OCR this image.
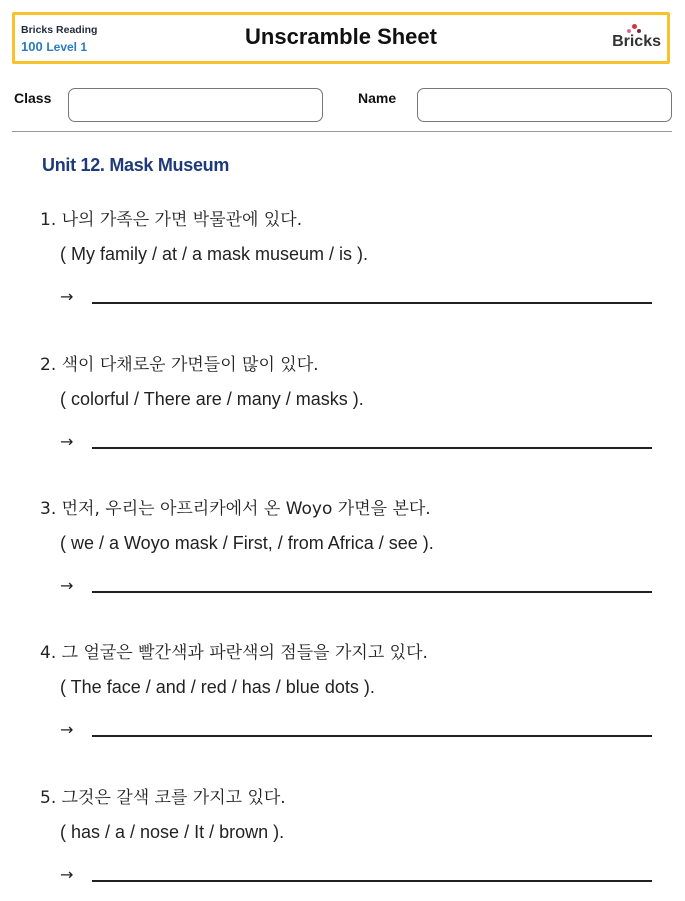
Bricks Reading
100 Level 1	Unscramble Sheet	Bricks
Class	Name
Unit 12. Mask Museum
1. 나의 가족은 가면 박물관에 있다.
( My family / at / a mask museum / is ).
→
2. 색이 다채로운 가면들이 많이 있다.
( colorful / There are / many / masks ).
→
3. 먼저, 우리는 아프리카에서 온 Woyo 가면을 본다.
( we / a Woyo mask / First, / from Africa / see ).
→
4. 그 얼굴은 빨간색과 파란색의 점들을 가지고 있다.
( The face / and / red / has / blue dots ).
→
5. 그것은 갈색 코를 가지고 있다.
( has / a / nose / It / brown ).
→
